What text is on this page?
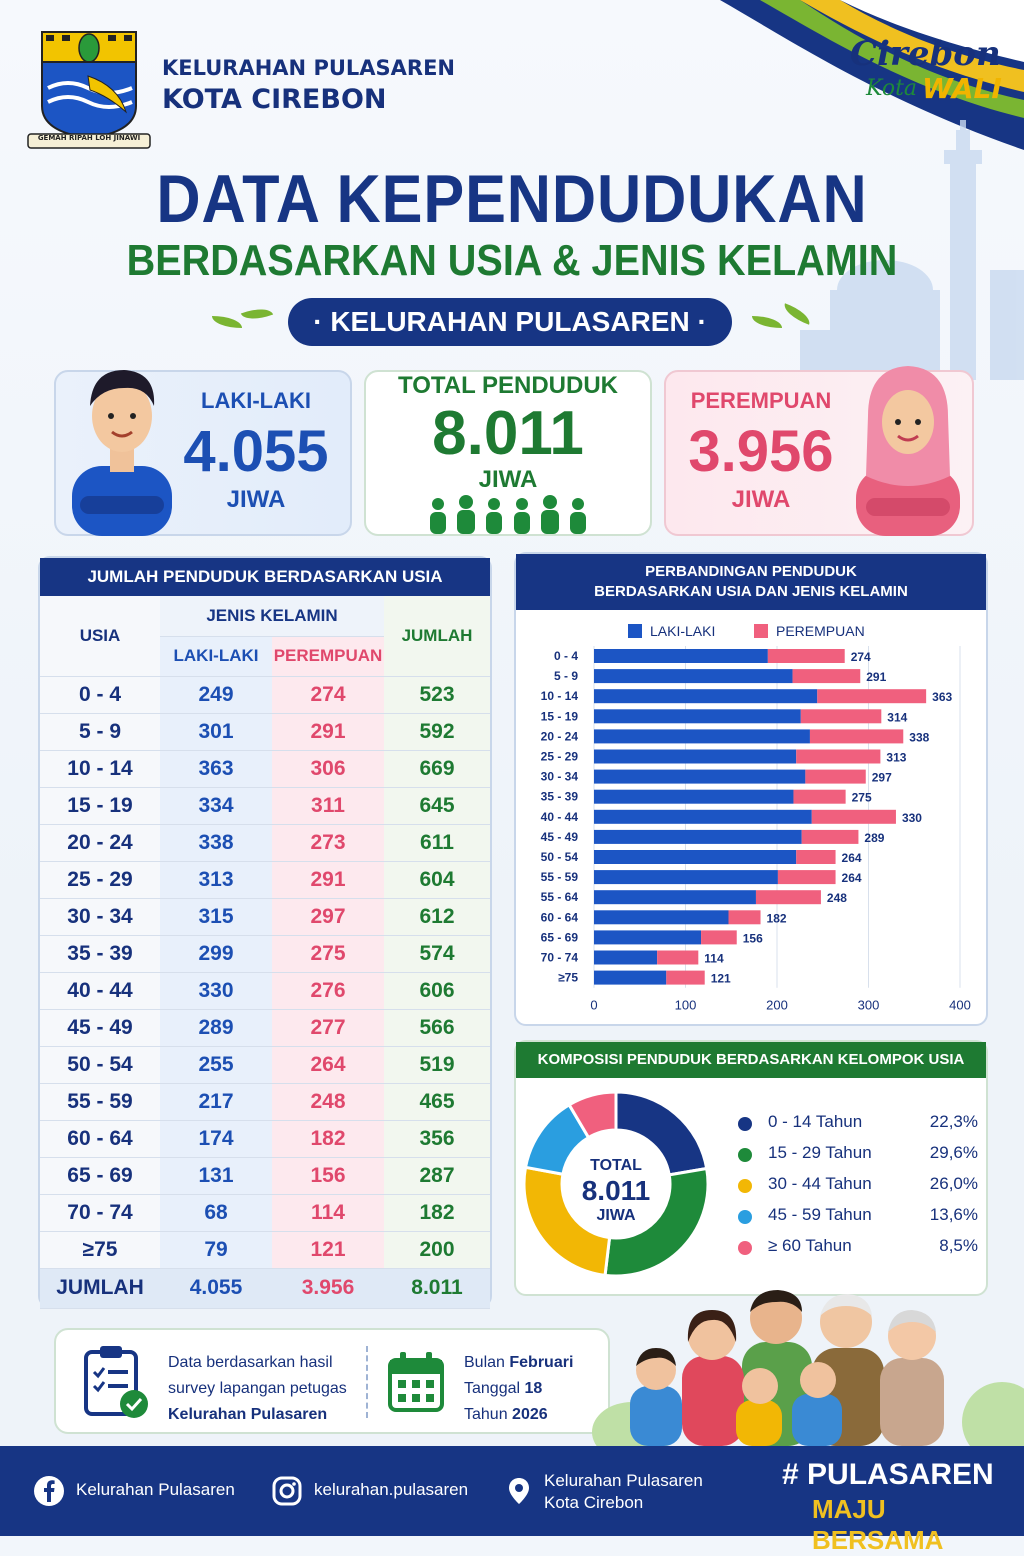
GEMAH RIPAH LOH JINAWI
KELURAHAN PULASAREN
KOTA CIREBON
Cirebon
Kota WALI
DATA KEPENDUDUKAN
BERDASARKAN USIA & JENIS KELAMIN
· KELURAHAN PULASAREN ·
LAKI-LAKI
4.055
JIWA
TOTAL PENDUDUK
8.011
JIWA
PEREMPUAN
3.956
JIWA
JUMLAH PENDUDUK BERDASARKAN USIA
USIA	JENIS KELAMIN		JUMLAH
	LAKI-LAKI	PEREMPUAN	
0 - 4	249	274	523
5 - 9	301	291	592
10 - 14	363	306	669
15 - 19	334	311	645
20 - 24	338	273	611
25 - 29	313	291	604
30 - 34	315	297	612
35 - 39	299	275	574
40 - 44	330	276	606
45 - 49	289	277	566
50 - 54	255	264	519
55 - 59	217	248	465
60 - 64	174	182	356
65 - 69	131	156	287
70 - 74	68	114	182
≥75	79	121	200
JUMLAH	4.055	3.956	8.011
PERBANDINGAN PENDUDUK
BERDASARKAN USIA DAN JENIS KELAMIN
LAKI-LAKI	PEREMPUAN
0	100	200	300	400
0 - 4	274
5 - 9	291
10 - 14	363
15 - 19	314
20 - 24	338
25 - 29	313
30 - 34	297
35 - 39	275
40 - 44	330
45 - 49	289
50 - 54	264
55 - 59	264
55 - 64	248
60 - 64	182
65 - 69	156
70 - 74	114
≥75	121
KOMPOSISI PENDUDUK BERDASARKAN KELOMPOK USIA
TOTAL
8.011
JIWA
0 - 14 Tahun	22,3%
15 - 29 Tahun	29,6%
30 - 44 Tahun	26,0%
45 - 59 Tahun	13,6%
≥ 60 Tahun	8,5%
Data berdasarkan hasil
survey lapangan petugas
Kelurahan Pulasaren
Bulan Februari
Tanggal 18
Tahun 2026
Kelurahan Pulasaren	kelurahan.pulasaren	Kelurahan Pulasaren
Kota Cirebon
# PULASAREN
MAJU BERSAMA
